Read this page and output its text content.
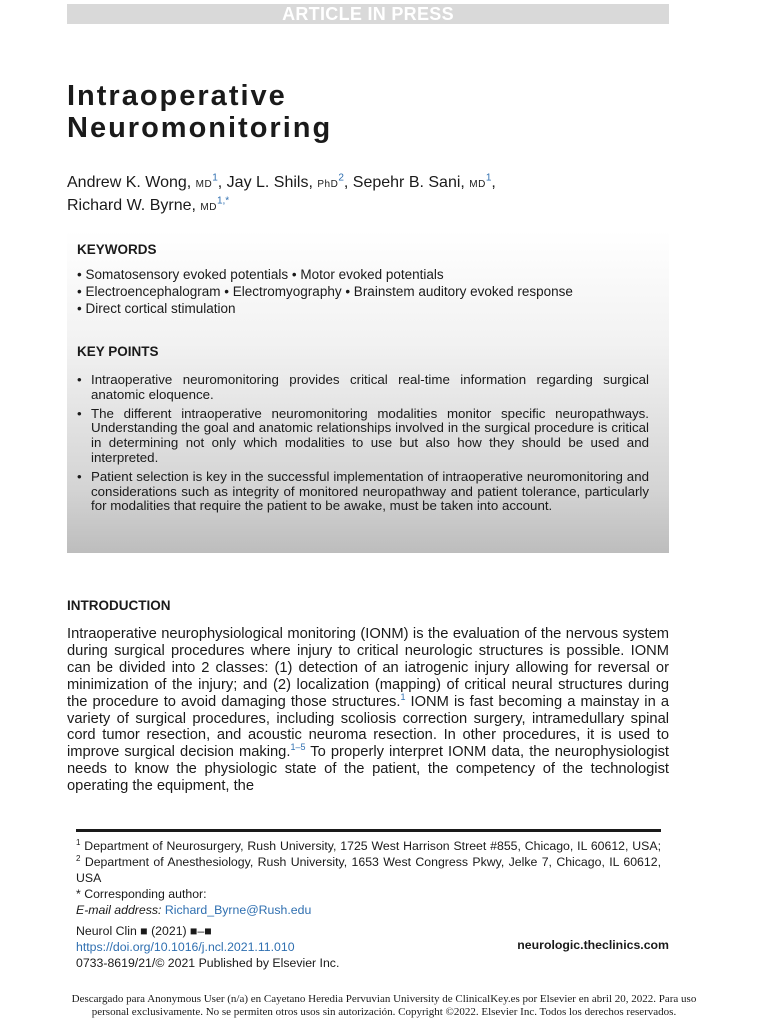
ARTICLE IN PRESS
Intraoperative
Neuromonitoring
Andrew K. Wong, $MD^1$, Jay L. Shils, PhD$^2$, Sepehr B. Sani, $MD^1$,
Richard W. Byrne, $MD^{1,*}$
KEYWORDS
• Somatosensory evoked potentials • Motor evoked potentials
• Electroencephalogram • Electromyography • Brainstem auditory evoked response
• Direct cortical stimulation
KEY POINTS
• Intraoperative neuromonitoring provides critical real-time information regarding surgical anatomic eloquence.
• The different intraoperative neuromonitoring modalities monitor specific neuropathways. Understanding the goal and anatomic relationships involved in the surgical procedure is critical in determining not only which modalities to use but also how they should be used and interpreted.
• Patient selection is key in the successful implementation of intraoperative neuromonitoring and considerations such as integrity of monitored neuropathway and patient tolerance, particularly for modalities that require the patient to be awake, must be taken into account.
INTRODUCTION

Intraoperative neurophysiological monitoring (IONM) is the evaluation of the nervous system during surgical procedures where injury to critical neurologic structures is possible. IONM can be divided into 2 classes: (1) detection of an iatrogenic injury allowing for reversal or minimization of the injury; and (2) localization (mapping) of critical neural structures during the procedure to avoid damaging those structures.$^1$ IONM is fast becoming a mainstay in a variety of surgical procedures, including scoliosis correction surgery, intramedullary spinal cord tumor resection, and acoustic neuroma resection. In other procedures, it is used to improve surgical decision making.$^{1-5}$ To properly interpret IONM data, the neurophysiologist needs to know the physiologic state of the patient, the competency of the technologist operating the equipment, the

$^1$ Department of Neurosurgery, Rush University, 1725 West Harrison Street #855, Chicago, IL 60612, USA; $^2$ Department of Anesthesiology, Rush University, 1653 West Congress Pkwy, Jelke 7, Chicago, IL 60612, USA
* Corresponding author:
E-mail address: Richard_Byrne@Rush.edu
Neurol Clin ■ (2021) ■–■
https://doi.org/10.1016/j.ncl.2021.11.010
0733-8619/21/© 2021 Published by Elsevier Inc.
neurologic.theclinics.com
Descargado para Anonymous User (n/a) en Cayetano Heredia Pervuvian University de ClinicalKey.es por Elsevier en abril 20, 2022. Para uso
personal exclusivamente. No se permiten otros usos sin autorización. Copyright ©2022. Elsevier Inc. Todos los derechos reservados.
